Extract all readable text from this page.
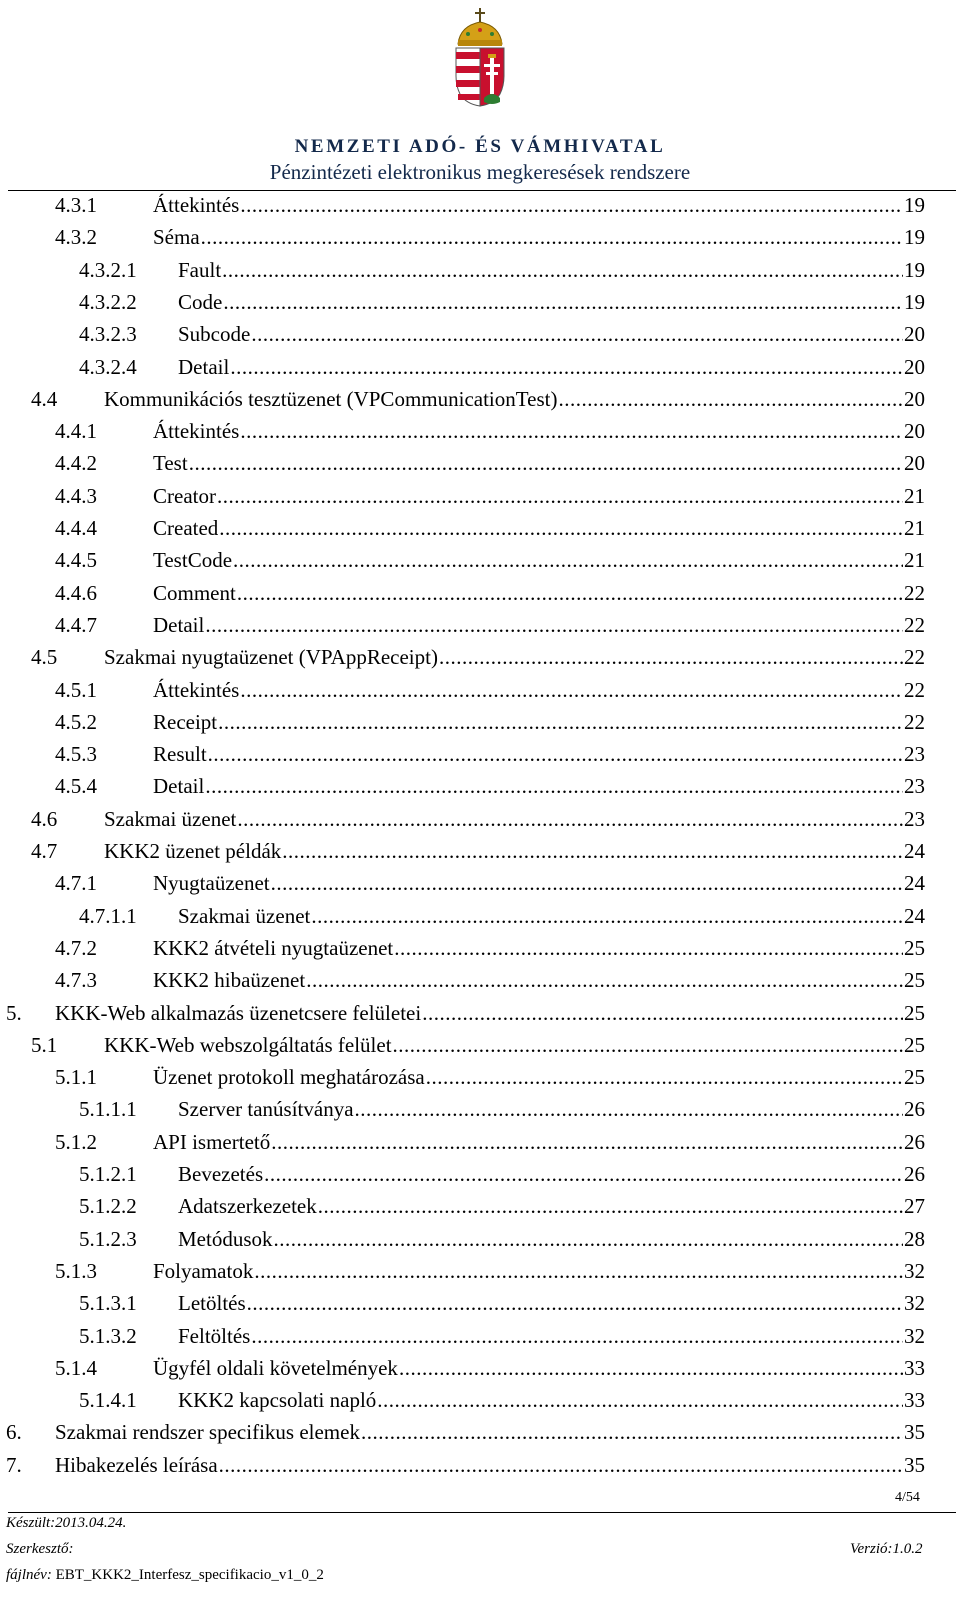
NEMZETI ADÓ- ÉS VÁMHIVATAL
Pénzintézeti elektronikus megkeresések rendszere
4.3.1	Áttekintés .....	19
4.3.2	Séma .....	19
4.3.2.1	Fault .....	19
4.3.2.2	Code .....	19
4.3.2.3	Subcode .....	20
4.3.2.4	Detail .....	20
4.4	Kommunikációs tesztüzenet (VPCommunicationTest) .....	20
4.4.1	Áttekintés .....	20
4.4.2	Test .....	20
4.4.3	Creator .....	21
4.4.4	Created .....	21
4.4.5	TestCode .....	21
4.4.6	Comment .....	22
4.4.7	Detail .....	22
4.5	Szakmai nyugtaüzenet (VPAppReceipt) .....	22
4.5.1	Áttekintés .....	22
4.5.2	Receipt .....	22
4.5.3	Result .....	23
4.5.4	Detail .....	23
4.6	Szakmai üzenet .....	23
4.7	KKK2 üzenet példák .....	24
4.7.1	Nyugtaüzenet .....	24
4.7.1.1	Szakmai üzenet .....	24
4.7.2	KKK2 átvételi nyugtaüzenet .....	25
4.7.3	KKK2 hibaüzenet .....	25
5.	KKK-Web alkalmazás üzenetcsere felületei .....	25
5.1	KKK-Web webszolgáltatás felület .....	25
5.1.1	Üzenet protokoll meghatározása .....	25
5.1.1.1	Szerver tanúsítványa .....	26
5.1.2	API ismertető .....	26
5.1.2.1	Bevezetés .....	26
5.1.2.2	Adatszerkezetek .....	27
5.1.2.3	Metódusok .....	28
5.1.3	Folyamatok .....	32
5.1.3.1	Letöltés .....	32
5.1.3.2	Feltöltés .....	32
5.1.4	Ügyfél oldali követelmények .....	33
5.1.4.1	KKK2 kapcsolati napló .....	33
6.	Szakmai rendszer specifikus elemek .....	35
7.	Hibakezelés leírása .....	35
4/54
Készült:2013.04.24.
Szerkesztő:	Verzió:1.0.2
fájlnév: EBT_KKK2_Interfesz_specifikacio_v1_0_2
